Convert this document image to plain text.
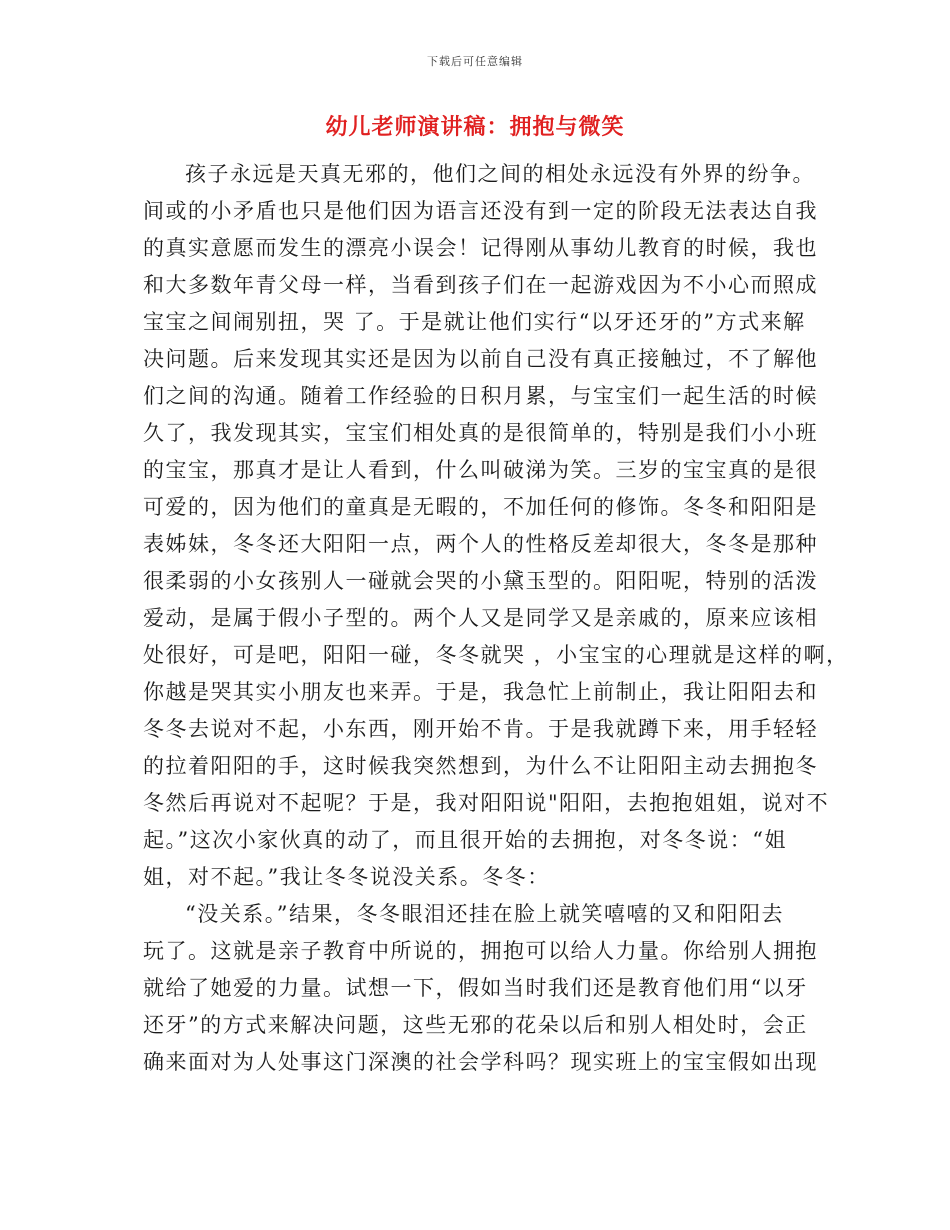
下载后可任意编辑
幼儿老师演讲稿：拥抱与微笑
孩子永远是天真无邪的，他们之间的相处永远没有外界的纷争。
间或的小矛盾也只是他们因为语言还没有到一定的阶段无法表达自我
的真实意愿而发生的漂亮小误会！记得刚从事幼儿教育的时候，我也
和大多数年青父母一样，当看到孩子们在一起游戏因为不小心而照成
宝宝之间闹别扭，哭 了。于是就让他们实行“以牙还牙的”方式来解
决问题。后来发现其实还是因为以前自己没有真正接触过，不了解他
们之间的沟通。随着工作经验的日积月累，与宝宝们一起生活的时候
久了，我发现其实，宝宝们相处真的是很简单的，特别是我们小小班
的宝宝，那真才是让人看到，什么叫破涕为笑。三岁的宝宝真的是很
可爱的，因为他们的童真是无暇的，不加任何的修饰。冬冬和阳阳是
表姊妹，冬冬还大阳阳一点，两个人的性格反差却很大，冬冬是那种
很柔弱的小女孩别人一碰就会哭的小黛玉型的。阳阳呢，特别的活泼
爱动，是属于假小子型的。两个人又是同学又是亲戚的，原来应该相
处很好，可是吧，阳阳一碰，冬冬就哭 ，小宝宝的心理就是这样的啊，
你越是哭其实小朋友也来弄。于是，我急忙上前制止，我让阳阳去和
冬冬去说对不起，小东西，刚开始不肯。于是我就蹲下来，用手轻轻
的拉着阳阳的手，这时候我突然想到，为什么不让阳阳主动去拥抱冬
冬然后再说对不起呢？于是，我对阳阳说"阳阳，去抱抱姐姐，说对不
起。”这次小家伙真的动了，而且很开始的去拥抱，对冬冬说：“姐
姐，对不起。”我让冬冬说没关系。冬冬：
“没关系。”结果，冬冬眼泪还挂在脸上就笑嘻嘻的又和阳阳去
玩了。这就是亲子教育中所说的，拥抱可以给人力量。你给别人拥抱
就给了她爱的力量。试想一下，假如当时我们还是教育他们用“以牙
还牙”的方式来解决问题，这些无邪的花朵以后和别人相处时，会正
确来面对为人处事这门深澳的社会学科吗？现实班上的宝宝假如出现
